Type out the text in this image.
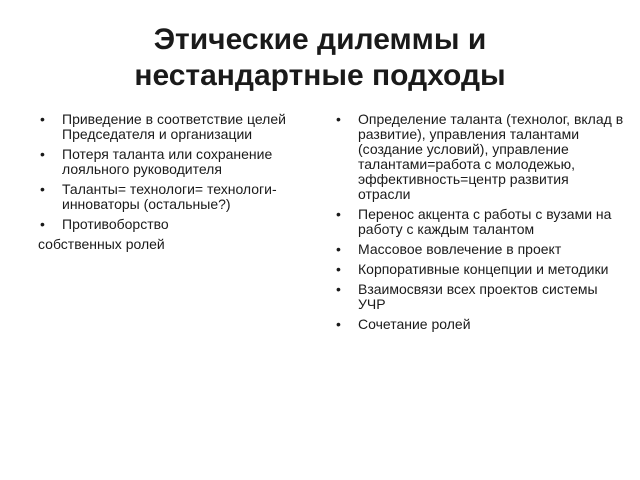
Этические дилеммы и
нестандартные подходы
•	Приведение в соответствие целей Председателя и организации
•	Потеря таланта или сохранение лояльного руководителя
•	Таланты= технологи= технологи-инноваторы (остальные?)
•	Противоборство
собственных ролей
•	Определение таланта (технолог, вклад в развитие), управления талантами (создание условий), управление талантами=работа с молодежью, эффективность=центр развития отрасли
•	Перенос акцента с работы с вузами на работу с каждым талантом
•	Массовое вовлечение в проект
•	Корпоративные концепции и методики
•	Взаимосвязи всех проектов системы УЧР
•	Сочетание ролей
